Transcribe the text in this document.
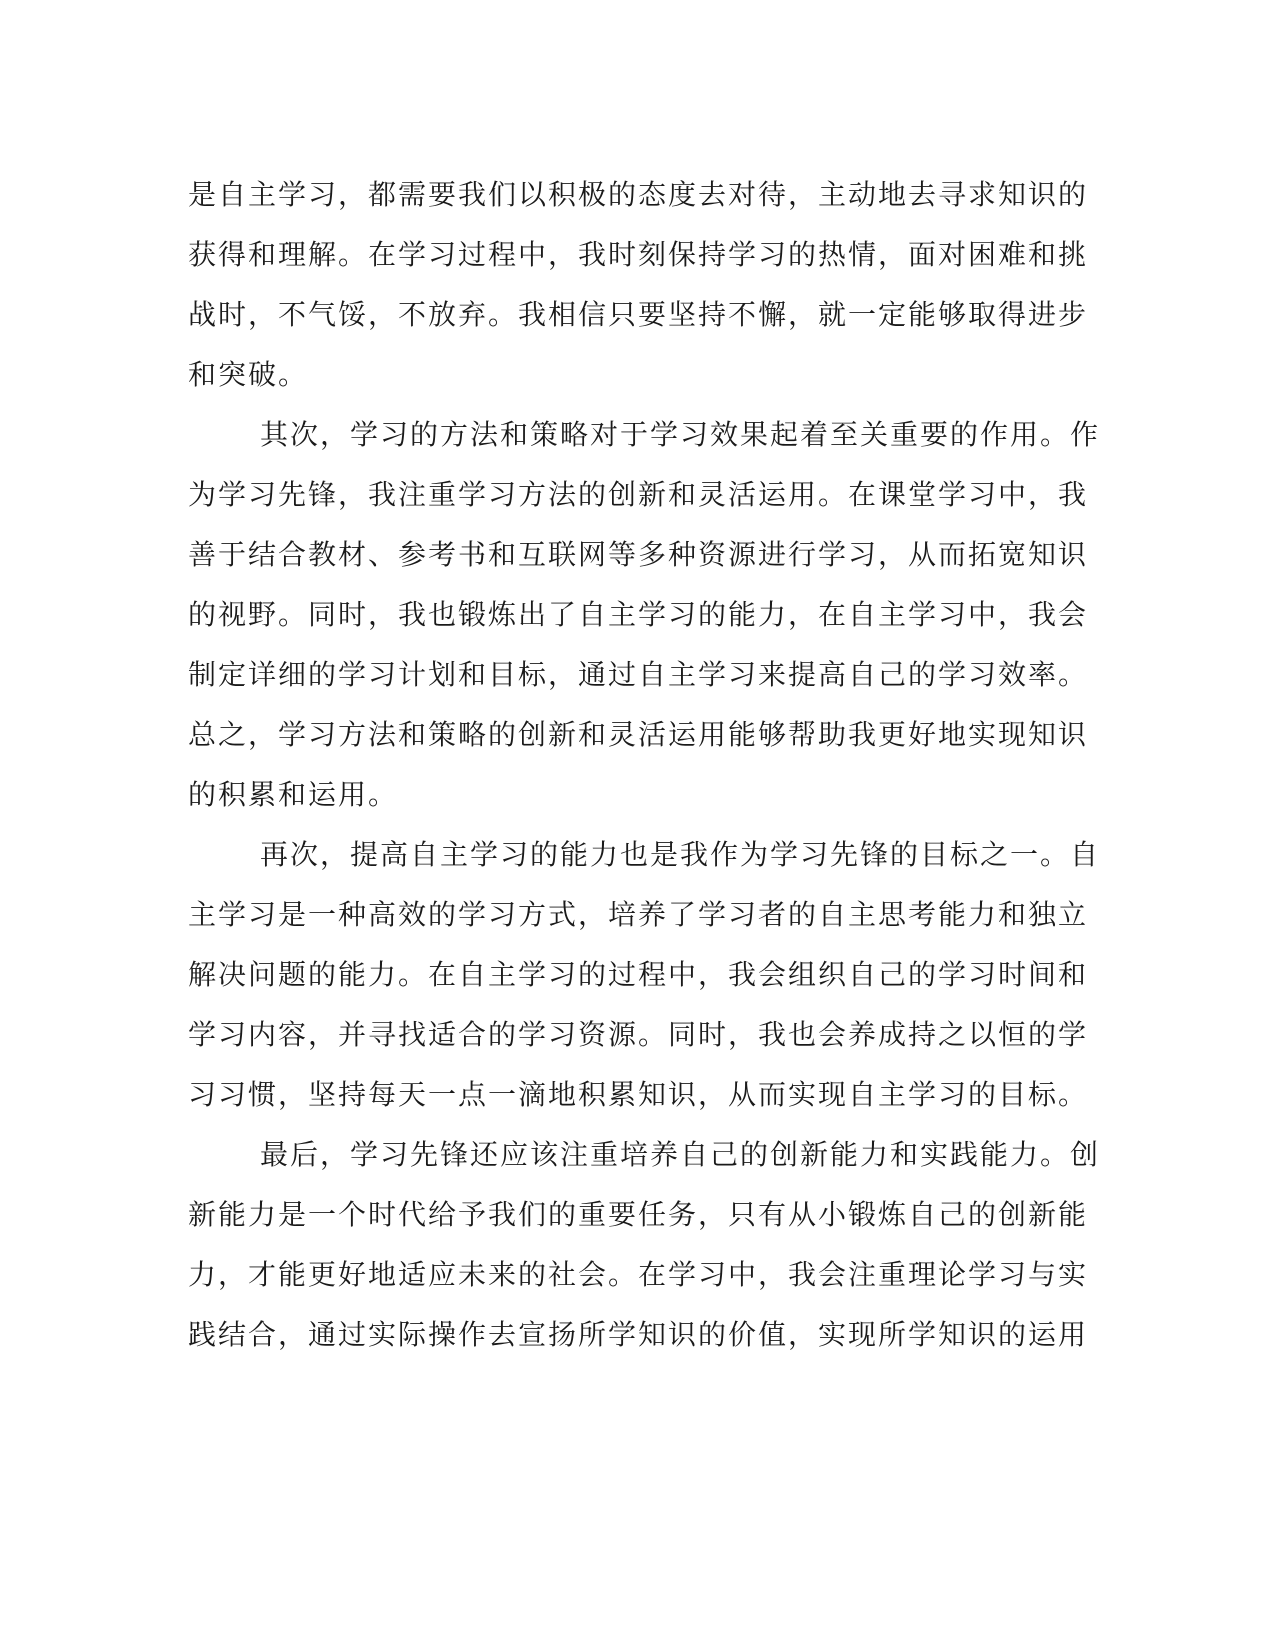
是自主学习，都需要我们以积极的态度去对待，主动地去寻求知识的
获得和理解。在学习过程中，我时刻保持学习的热情，面对困难和挑
战时，不气馁，不放弃。我相信只要坚持不懈，就一定能够取得进步
和突破。
其次，学习的方法和策略对于学习效果起着至关重要的作用。作
为学习先锋，我注重学习方法的创新和灵活运用。在课堂学习中，我
善于结合教材、参考书和互联网等多种资源进行学习，从而拓宽知识
的视野。同时，我也锻炼出了自主学习的能力，在自主学习中，我会
制定详细的学习计划和目标，通过自主学习来提高自己的学习效率。
总之，学习方法和策略的创新和灵活运用能够帮助我更好地实现知识
的积累和运用。
再次，提高自主学习的能力也是我作为学习先锋的目标之一。自
主学习是一种高效的学习方式，培养了学习者的自主思考能力和独立
解决问题的能力。在自主学习的过程中，我会组织自己的学习时间和
学习内容，并寻找适合的学习资源。同时，我也会养成持之以恒的学
习习惯，坚持每天一点一滴地积累知识，从而实现自主学习的目标。
最后，学习先锋还应该注重培养自己的创新能力和实践能力。创
新能力是一个时代给予我们的重要任务，只有从小锻炼自己的创新能
力，才能更好地适应未来的社会。在学习中，我会注重理论学习与实
践结合，通过实际操作去宣扬所学知识的价值，实现所学知识的运用
